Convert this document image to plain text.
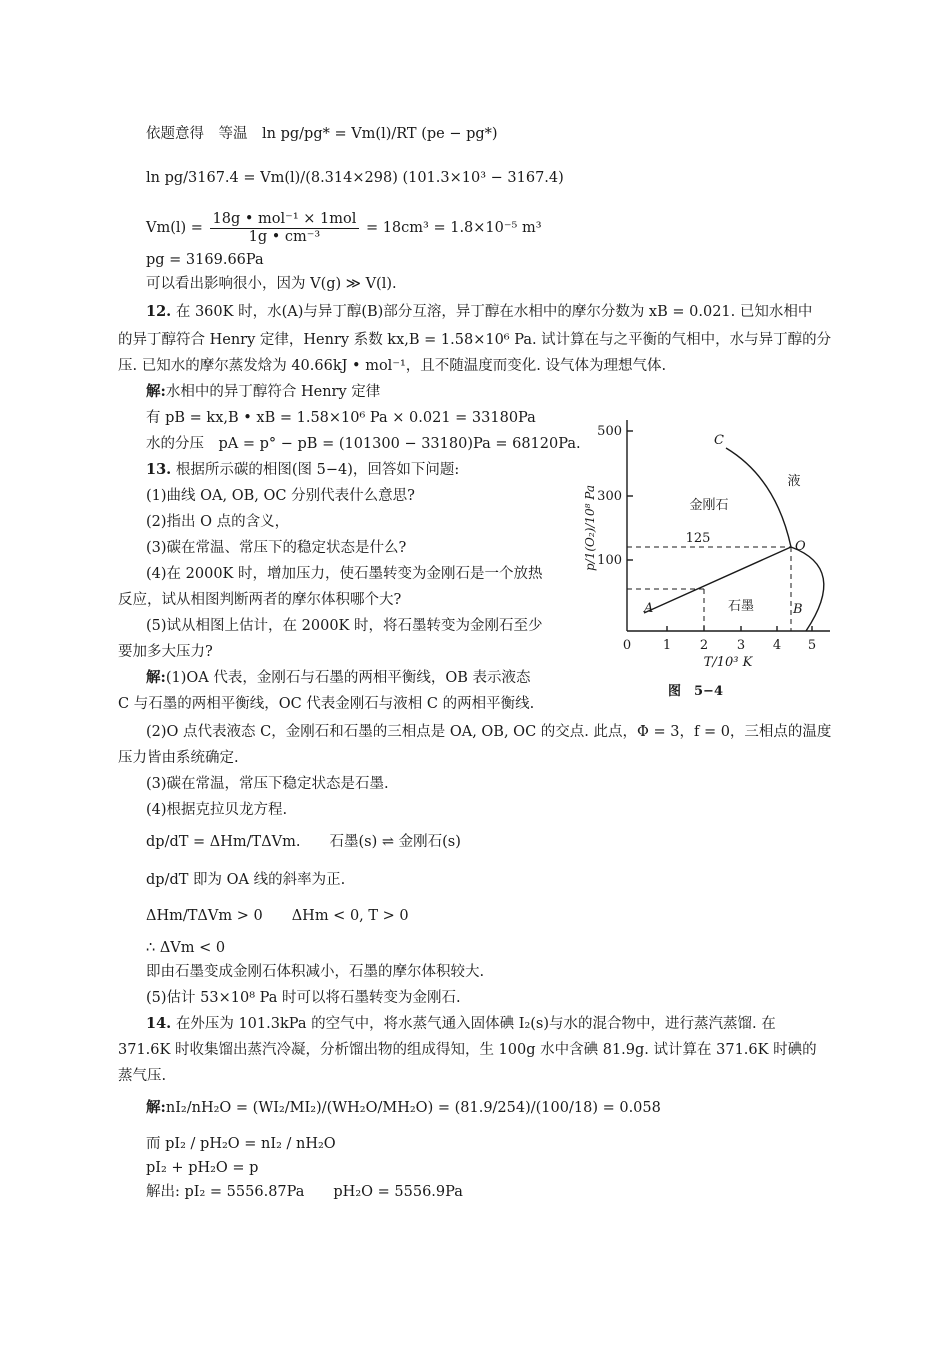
依题意得　等温　ln pg/pg* = Vm(l)/RT (pe − pg*)
ln pg/3167.4 = Vm(l)/(8.314×298) (101.3×10³ − 3167.4)
$Vm(l) = \frac{\text{18g • mol⁻¹ × 1mol}}{\text{1g • cm⁻³}} = 18cm^3 = 1.8\times 10^{-5}$ m³
pg = 3169.66Pa
可以看出影响很小，因为 V(g) ≫ V(l).
12. 在 360K 时，水(A)与异丁醇(B)部分互溶，异丁醇在水相中的摩尔分数为 xB = 0.021. 已知水相中
的异丁醇符合 Henry 定律，Henry 系数 kx,B = 1.58×10⁶ Pa. 试计算在与之平衡的气相中，水与异丁醇的分
压. 已知水的摩尔蒸发焓为 40.66kJ • mol⁻¹，且不随温度而变化. 设气体为理想气体.
解:水相中的异丁醇符合 Henry 定律
有 pB = kx,B • xB = 1.58×10⁶ Pa × 0.021 = 33180Pa
水的分压　pA = p° − pB = (101300 − 33180)Pa = 68120Pa.
13. 根据所示碳的相图(图 5−4)，回答如下问题:
(1)曲线 OA, OB, OC 分别代表什么意思?
(2)指出 O 点的含义，
(3)碳在常温、常压下的稳定状态是什么?
(4)在 2000K 时，增加压力，使石墨转变为金刚石是一个放热
反应，试从相图判断两者的摩尔体积哪个大?
(5)试从相图上估计，在 2000K 时，将石墨转变为金刚石至少
要加多大压力?
解:(1)OA 代表，金刚石与石墨的两相平衡线，OB 表示液态
C 与石墨的两相平衡线，OC 代表金刚石与液相 C 的两相平衡线.
500
300
100
0 1 2 3 4 5
T/10³ K
p/1(O₂)/10⁸ Pa	125
金刚石
石墨
液
A	B
C
O
图　5−4
(2)O 点代表液态 C，金刚石和石墨的三相点是 OA, OB, OC 的交点. 此点，Φ = 3，f = 0，三相点的温度
压力皆由系统确定.
(3)碳在常温，常压下稳定状态是石墨.
(4)根据克拉贝龙方程.
dp/dT = ΔHm/TΔVm.　　石墨(s) ⇌ 金刚石(s)
dp/dT 即为 OA 线的斜率为正.
ΔHm/TΔVm > 0　　ΔHm < 0, T > 0
∴ ΔVm < 0
即由石墨变成金刚石体积减小，石墨的摩尔体积较大.
(5)估计 53×10⁸ Pa 时可以将石墨转变为金刚石.
14. 在外压为 101.3kPa 的空气中，将水蒸气通入固体碘 I₂(s)与水的混合物中，进行蒸汽蒸馏. 在
371.6K 时收集馏出蒸汽冷凝，分析馏出物的组成得知，生 100g 水中含碘 81.9g. 试计算在 371.6K 时碘的
蒸气压.
解:nI₂/nH₂O = (WI₂/MI₂)/(WH₂O/MH₂O) = (81.9/254)/(100/18) = 0.058
而 pI₂ / pH₂O = nI₂ / nH₂O
pI₂ + pH₂O = p
解出: pI₂ = 5556.87Pa　　pH₂O = 5556.9Pa
